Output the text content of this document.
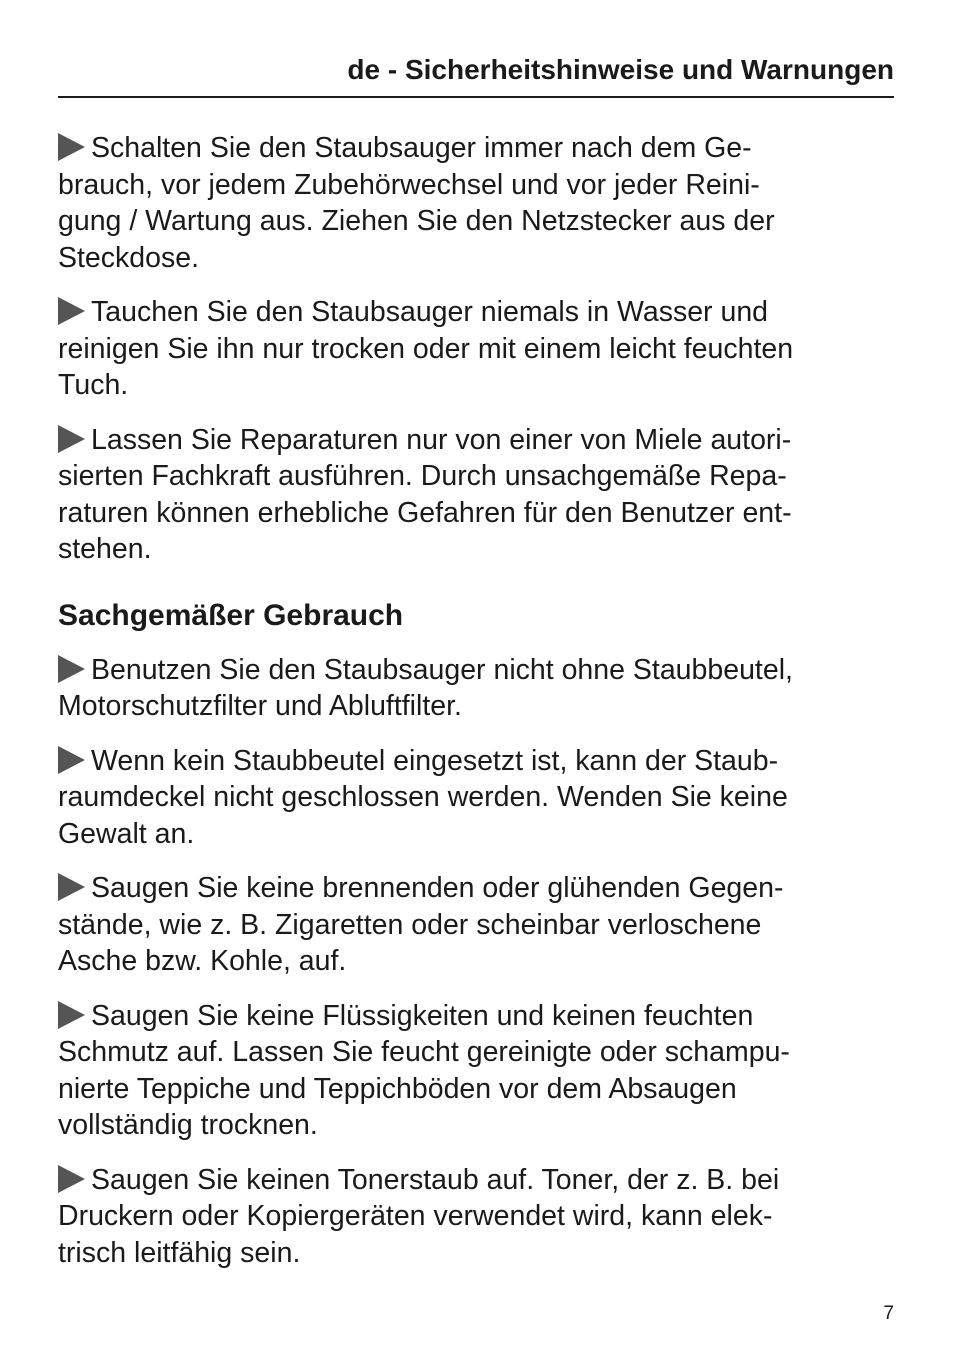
de - Sicherheitshinweise und Warnungen

Schalten Sie den Staubsauger immer nach dem Ge-
brauch, vor jedem Zubehörwechsel und vor jeder Reini-
gung / Wartung aus. Ziehen Sie den Netzstecker aus der
Steckdose.

Tauchen Sie den Staubsauger niemals in Wasser und
reinigen Sie ihn nur trocken oder mit einem leicht feuchten
Tuch.

Lassen Sie Reparaturen nur von einer von Miele autori-
sierten Fachkraft ausführen. Durch unsachgemäße Repa-
raturen können erhebliche Gefahren für den Benutzer ent-
stehen.

Sachgemäßer Gebrauch

Benutzen Sie den Staubsauger nicht ohne Staubbeutel,
Motorschutzfilter und Abluftfilter.

Wenn kein Staubbeutel eingesetzt ist, kann der Staub-
raumdeckel nicht geschlossen werden. Wenden Sie keine
Gewalt an.

Saugen Sie keine brennenden oder glühenden Gegen-
stände, wie z. B. Zigaretten oder scheinbar verloschene
Asche bzw. Kohle, auf.

Saugen Sie keine Flüssigkeiten und keinen feuchten
Schmutz auf. Lassen Sie feucht gereinigte oder schampu-
nierte Teppiche und Teppichböden vor dem Absaugen
vollständig trocknen.

Saugen Sie keinen Tonerstaub auf. Toner, der z. B. bei
Druckern oder Kopiergeräten verwendet wird, kann elek-
trisch leitfähig sein.

7
